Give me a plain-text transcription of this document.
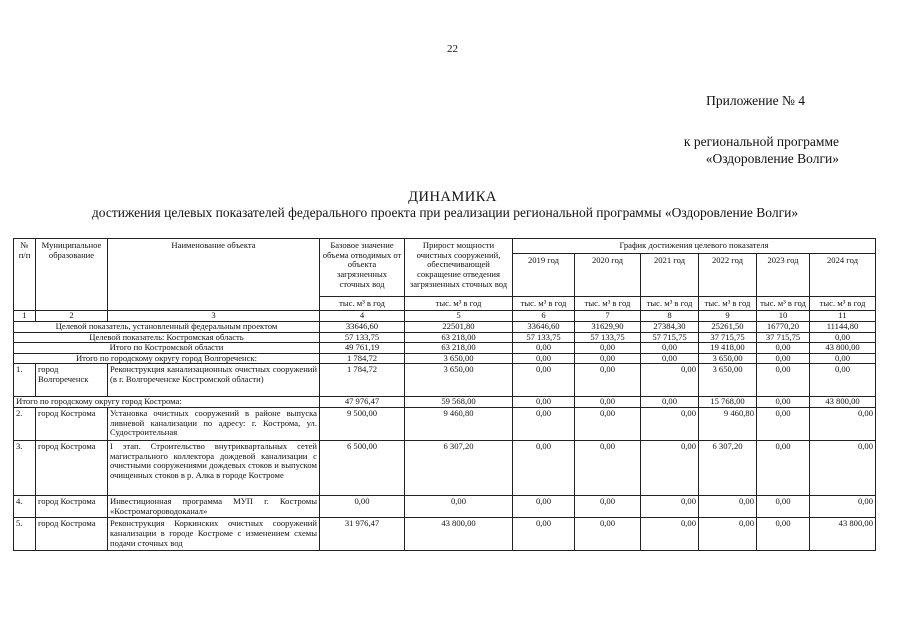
22
Приложение № 4
к региональной программе
«Оздоровление Волги»
ДИНАМИКА
достижения целевых показателей федерального проекта при реализации региональной программы «Оздоровление Волги»
№ п/п	Муниципальное образование	Наименование объекта	Базовое значение объема отводимых от объекта загрязненных сточных вод	Прирост мощности очистных сооружений, обеспечивающей сокращение отведения загрязненных сточных вод	График достижения целевого показателя					
					2019 год	2020 год	2021 год	2022 год	2023 год	2024 год
			тыс. м³ в год	тыс. м³ в год	тыс. м³ в год	тыс. м³ в год	тыс. м³ в год	тыс. м³ в год	тыс. м³ в год	тыс. м³ в год
1	2	3	4	5	6	7	8	9	10	11
Целевой показатель, установленный федеральным проектом			33646,60	22501,80	33646,60	31629,90	27384,30	25261,50	16770,20	11144,80
Целевой показатель: Костромская область			57 133,75	63 218,00	57 133,75	57 133,75	57 715,75	37 715,75	37 715,75	0,00
Итого по Костромской области			49 761,19	63 218,00	0,00	0,00	0,00	19 418,00	0,00	43 800,00
Итого по городскому округу город Волгореченск:			1 784,72	3 650,00	0,00	0,00	0,00	3 650,00	0,00	0,00
1.	город Волгореченск	Реконструкция канализационных очистных сооружений (в г. Волгореченске Костромской области)	1 784,72	3 650,00	0,00	0,00	0,00	3 650,00	0,00	0,00
Итого по городскому округу город Кострома:			47 976,47	59 568,00	0,00	0,00	0,00	15 768,00	0,00	43 800,00
2.	город Кострома	Установка очистных сооружений в районе выпуска ливневой канализации по адресу: г. Кострома, ул. Судостроительная	9 500,00	9 460,80	0,00	0,00	0,00	9 460,80	0,00	0,00
3.	город Кострома	I этап. Строительство внутриквартальных сетей магистрального коллектора дождевой канализации с очистными сооружениями дождевых стоков и выпуском очищенных стоков в р. Алка в городе Костроме	6 500,00	6 307,20	0,00	0,00	0,00	6 307,20	0,00	0,00
4.	город Кострома	Инвестиционная программа МУП г. Костромы «Костромагороводоканал»	0,00	0,00	0,00	0,00	0,00	0,00	0,00	0,00
5.	город Кострома	Реконструкция Коркинских очистных сооружений канализации в городе Костроме с изменением схемы подачи сточных вод	31 976,47	43 800,00	0,00	0,00	0,00	0,00	0,00	43 800,00
